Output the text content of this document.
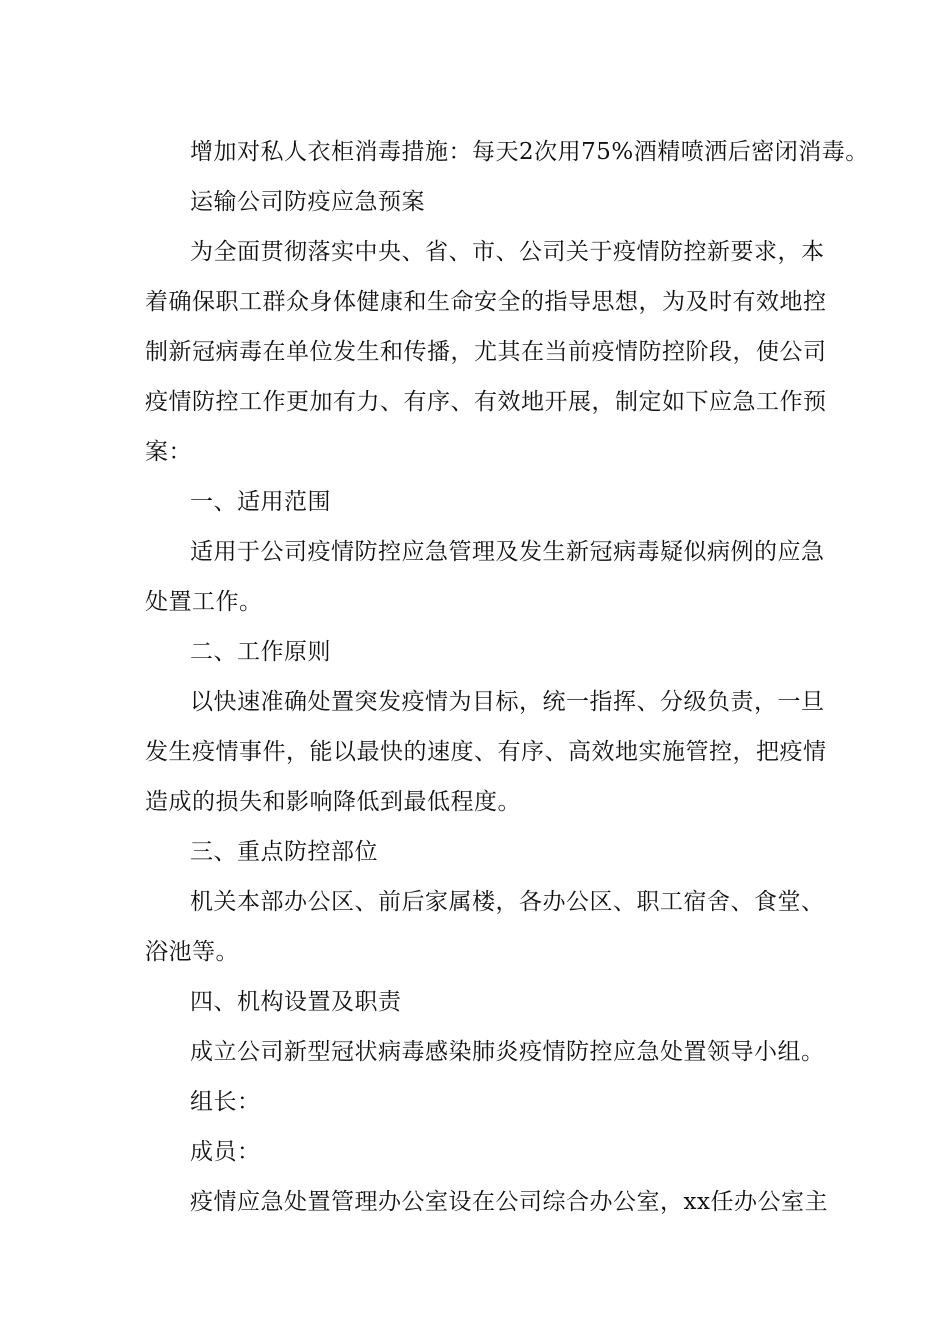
增加对私人衣柜消毒措施：每天2次用75%酒精喷洒后密闭消毒。
运输公司防疫应急预案
为全面贯彻落实中央、省、市、公司关于疫情防控新要求，本
着确保职工群众身体健康和生命安全的指导思想，为及时有效地控
制新冠病毒在单位发生和传播，尤其在当前疫情防控阶段，使公司
疫情防控工作更加有力、有序、有效地开展，制定如下应急工作预
案：
一、适用范围
适用于公司疫情防控应急管理及发生新冠病毒疑似病例的应急
处置工作。
二、工作原则
以快速准确处置突发疫情为目标，统一指挥、分级负责，一旦
发生疫情事件，能以最快的速度、有序、高效地实施管控，把疫情
造成的损失和影响降低到最低程度。
三、重点防控部位
机关本部办公区、前后家属楼，各办公区、职工宿舍、食堂、
浴池等。
四、机构设置及职责
成立公司新型冠状病毒感染肺炎疫情防控应急处置领导小组。
组长：
成员：
疫情应急处置管理办公室设在公司综合办公室，xx任办公室主
